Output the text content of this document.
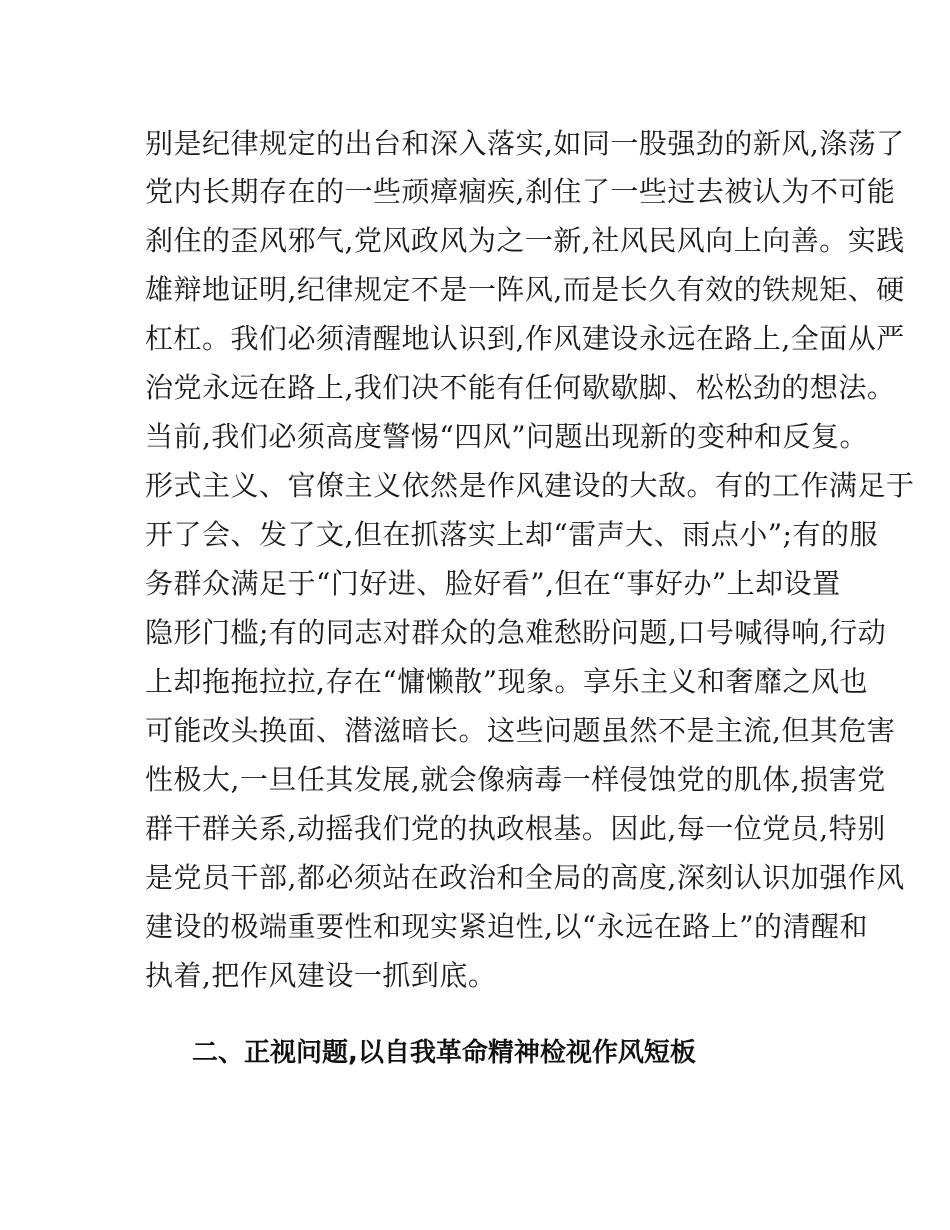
别是纪律规定的出台和深入落实,如同一股强劲的新风,涤荡了
党内长期存在的一些顽瘴痼疾,刹住了一些过去被认为不可能
刹住的歪风邪气,党风政风为之一新,社风民风向上向善。实践
雄辩地证明,纪律规定不是一阵风,而是长久有效的铁规矩、硬
杠杠。我们必须清醒地认识到,作风建设永远在路上,全面从严
治党永远在路上,我们决不能有任何歇歇脚、松松劲的想法。
当前,我们必须高度警惕“四风”问题出现新的变种和反复。
形式主义、官僚主义依然是作风建设的大敌。有的工作满足于
开了会、发了文,但在抓落实上却“雷声大、雨点小”;有的服
务群众满足于“门好进、脸好看”,但在“事好办”上却设置
隐形门槛;有的同志对群众的急难愁盼问题,口号喊得响,行动
上却拖拖拉拉,存在“慵懒散”现象。享乐主义和奢靡之风也
可能改头换面、潜滋暗长。这些问题虽然不是主流,但其危害
性极大,一旦任其发展,就会像病毒一样侵蚀党的肌体,损害党
群干群关系,动摇我们党的执政根基。因此,每一位党员,特别
是党员干部,都必须站在政治和全局的高度,深刻认识加强作风
建设的极端重要性和现实紧迫性,以“永远在路上”的清醒和
执着,把作风建设一抓到底。
二、正视问题,以自我革命精神检视作风短板
